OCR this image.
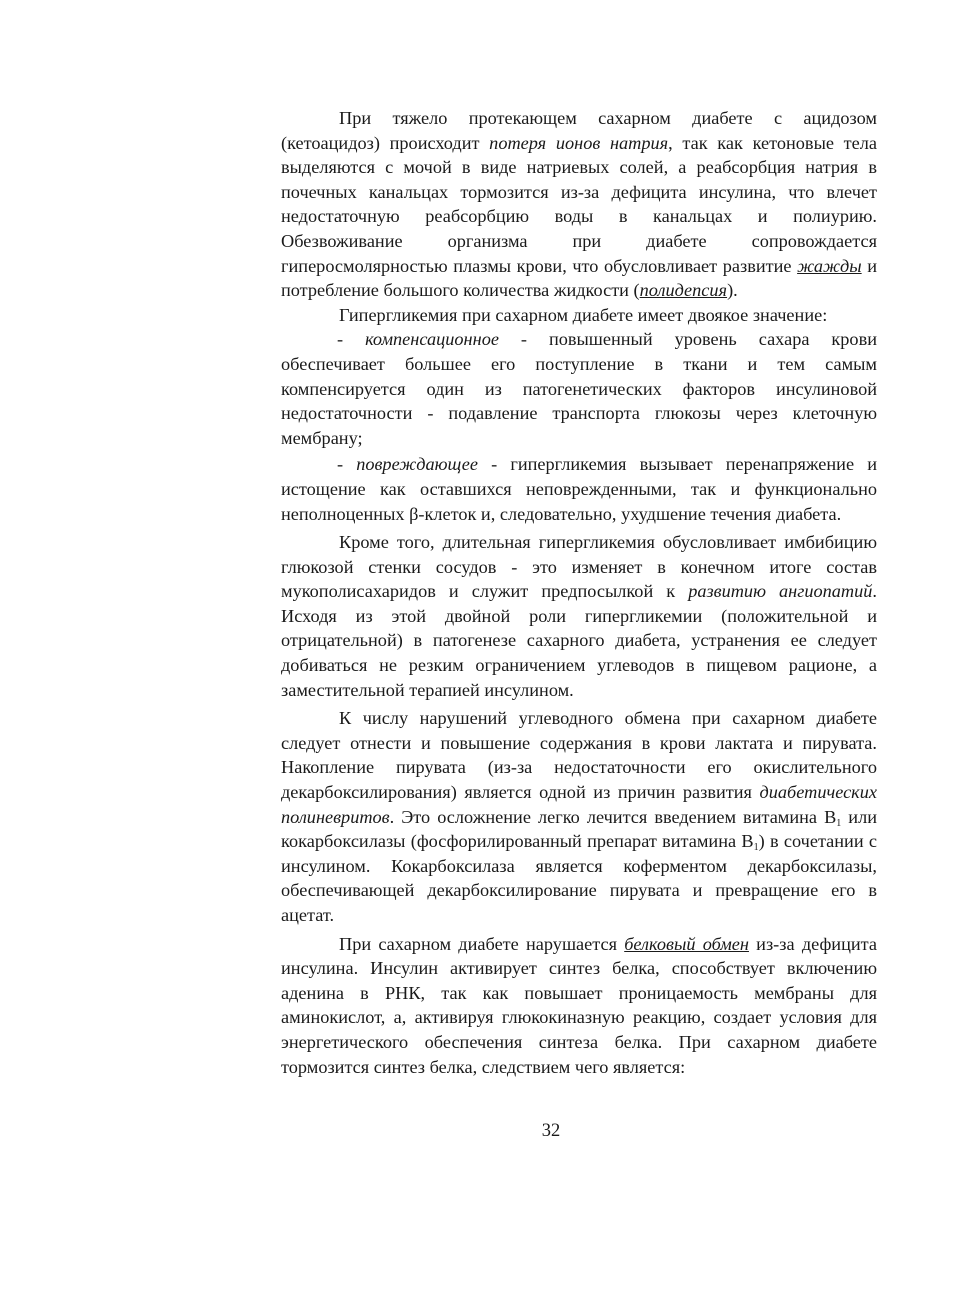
При тяжело протекающем сахарном диабете с ацидозом (кетоацидоз) происходит потеря ионов натрия, так как кетоновые тела выделяются с мочой в виде натриевых солей, а реабсорбция натрия в почечных канальцах тормозится из-за дефицита инсулина, что влечет недостаточную реабсорбцию воды в канальцах и полиурию. Обезвоживание организма при диабете сопровождается гиперосмолярностью плазмы крови, что обусловливает развитие жажды и потребление большого количества жидкости (полидепсия).

Гипергликемия при сахарном диабете имеет двоякое значение:

- компенсационное - повышенный уровень сахара крови обеспечивает большее его поступление в ткани и тем самым компенсируется один из патогенетических факторов инсулиновой недостаточности - подавление транспорта глюкозы через клеточную мембрану;

- повреждающее - гипергликемия вызывает перенапряжение и истощение как оставшихся неповрежденными, так и функционально неполноценных β-клеток и, следовательно, ухудшение течения диабета.

Кроме того, длительная гипергликемия обусловливает имбибицию глюкозой стенки сосудов - это изменяет в конечном итоге состав мукополисахаридов и служит предпосылкой к развитию ангиопатий. Исходя из этой двойной роли гипергликемии (положительной и отрицательной) в патогенезе сахарного диабета, устранения ее следует добиваться не резким ограничением углеводов в пищевом рационе, а заместительной терапией инсулином.

К числу нарушений углеводного обмена при сахарном диабете следует отнести и повышение содержания в крови лактата и пирувата. Накопление пирувата (из-за недостаточности его окислительного декарбоксилирования) является одной из причин развития диабетических полиневритов. Это осложнение легко лечится введением витамина $В_1$ или кокарбоксилазы (фосфорилированный препарат витамина $В_1$) в сочетании с инсулином. Кокарбоксилаза является коферментом декарбоксилазы, обеспечивающей декарбоксилирование пирувата и превращение его в ацетат.

При сахарном диабете нарушается белковый обмен из-за дефицита инсулина. Инсулин активирует синтез белка, способствует включению аденина в РНК, так как повышает проницаемость мембраны для аминокислот, а, активируя глюкокиназную реакцию, создает условия для энергетического обеспечения синтеза белка. При сахарном диабете тормозится синтез белка, следствием чего является:

32
